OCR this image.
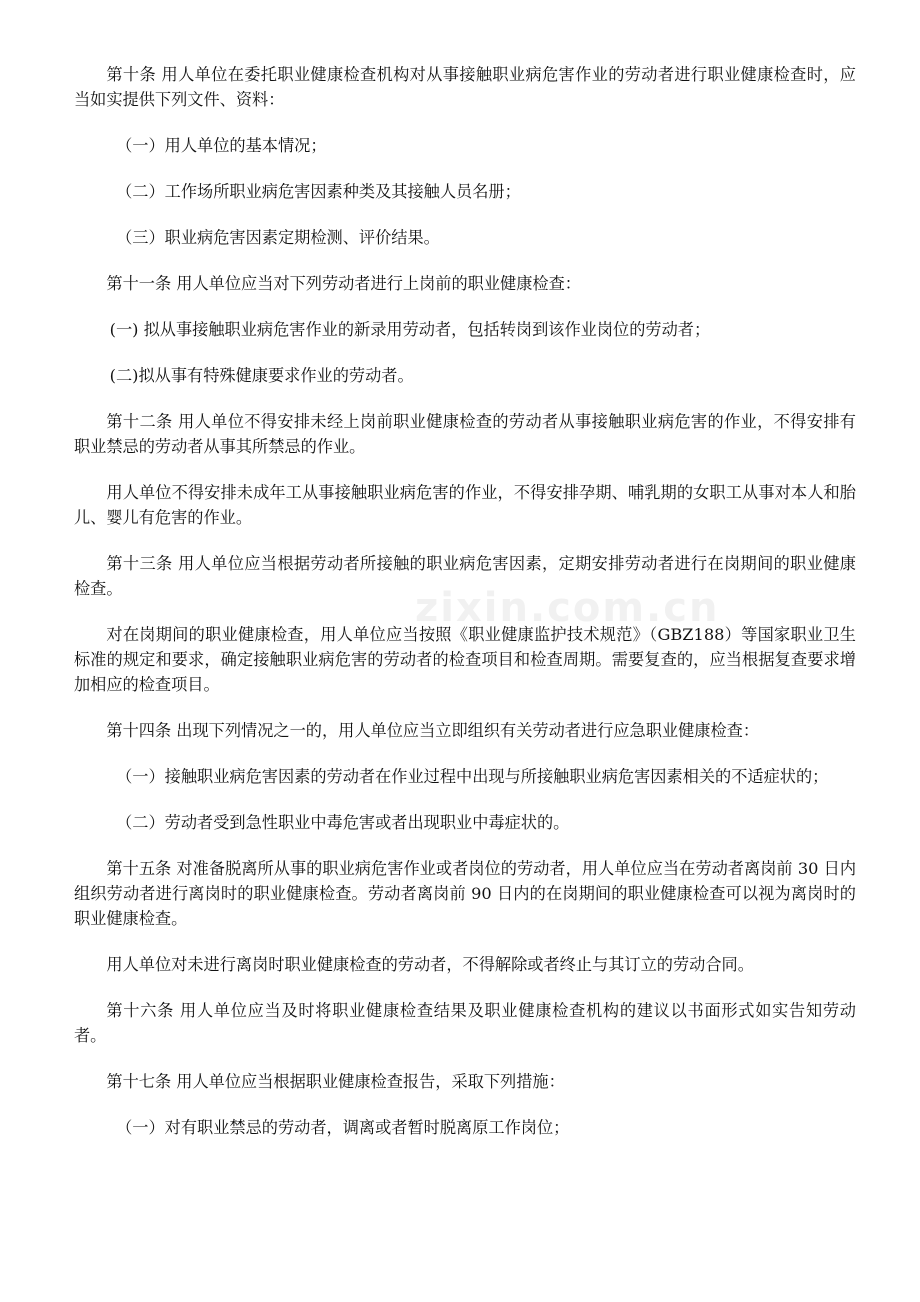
zixin.com.cn

第十条 用人单位在委托职业健康检查机构对从事接触职业病危害作业的劳动者进行职业健康检查时，应当如实提供下列文件、资料：

（一）用人单位的基本情况；

（二）工作场所职业病危害因素种类及其接触人员名册；

（三）职业病危害因素定期检测、评价结果。

第十一条 用人单位应当对下列劳动者进行上岗前的职业健康检查：

(一) 拟从事接触职业病危害作业的新录用劳动者，包括转岗到该作业岗位的劳动者；

(二)拟从事有特殊健康要求作业的劳动者。

第十二条 用人单位不得安排未经上岗前职业健康检查的劳动者从事接触职业病危害的作业，不得安排有职业禁忌的劳动者从事其所禁忌的作业。

用人单位不得安排未成年工从事接触职业病危害的作业，不得安排孕期、哺乳期的女职工从事对本人和胎儿、婴儿有危害的作业。

第十三条 用人单位应当根据劳动者所接触的职业病危害因素，定期安排劳动者进行在岗期间的职业健康检查。

对在岗期间的职业健康检查，用人单位应当按照《职业健康监护技术规范》（GBZ188）等国家职业卫生标准的规定和要求，确定接触职业病危害的劳动者的检查项目和检查周期。需要复查的，应当根据复查要求增加相应的检查项目。

第十四条 出现下列情况之一的，用人单位应当立即组织有关劳动者进行应急职业健康检查：

（一）接触职业病危害因素的劳动者在作业过程中出现与所接触职业病危害因素相关的不适症状的；

（二）劳动者受到急性职业中毒危害或者出现职业中毒症状的。

第十五条 对准备脱离所从事的职业病危害作业或者岗位的劳动者，用人单位应当在劳动者离岗前 30 日内组织劳动者进行离岗时的职业健康检查。劳动者离岗前 90 日内的在岗期间的职业健康检查可以视为离岗时的职业健康检查。

用人单位对未进行离岗时职业健康检查的劳动者，不得解除或者终止与其订立的劳动合同。

第十六条 用人单位应当及时将职业健康检查结果及职业健康检查机构的建议以书面形式如实告知劳动者。

第十七条 用人单位应当根据职业健康检查报告，采取下列措施：

（一）对有职业禁忌的劳动者，调离或者暂时脱离原工作岗位；
